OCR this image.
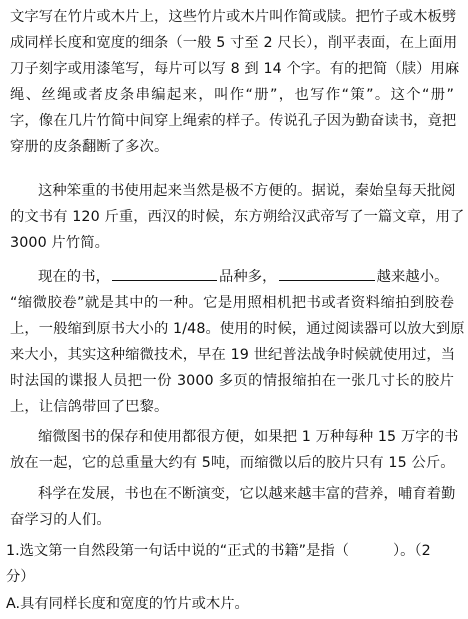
文字写在竹片或木片上，这些竹片或木片叫作简或牍。把竹子或木板劈
成同样长度和宽度的细条（一般 5 寸至 2 尺长），削平表面，在上面用
刀子刻字或用漆笔写，每片可以写 8 到 14 个字。有的把简（牍）用麻
绳、丝绳或者皮条串编起来，叫作“册”，也写作“策”。这个“册”
字，像在几片竹简中间穿上绳索的样子。传说孔子因为勤奋读书，竟把
穿册的皮条翻断了多次。
这种笨重的书使用起来当然是极不方便的。据说，秦始皇每天批阅
的文书有 120 斤重，西汉的时候，东方朔给汉武帝写了一篇文章，用了
3000 片竹简。
现在的书，	品种多，	越来越小。
“缩微胶卷”就是其中的一种。它是用照相机把书或者资料缩拍到胶卷
上，一般缩到原书大小的 1/48。使用的时候，通过阅读器可以放大到原
来大小，其实这种缩微技术，早在 19 世纪普法战争时候就使用过，当
时法国的谍报人员把一份 3000 多页的情报缩拍在一张几寸长的胶片
上，让信鸽带回了巴黎。
缩微图书的保存和使用都很方便，如果把 1 万种每种 15 万字的书
放在一起，它的总重量大约有 5吨，而缩微以后的胶片只有 15 公斤。
科学在发展，书也在不断演变，它以越来越丰富的营养，哺育着勤
奋学习的人们。
1.选文第一自然段第一句话中说的“正式的书籍”是指（	）。（2
分）
A.具有同样长度和宽度的竹片或木片。
